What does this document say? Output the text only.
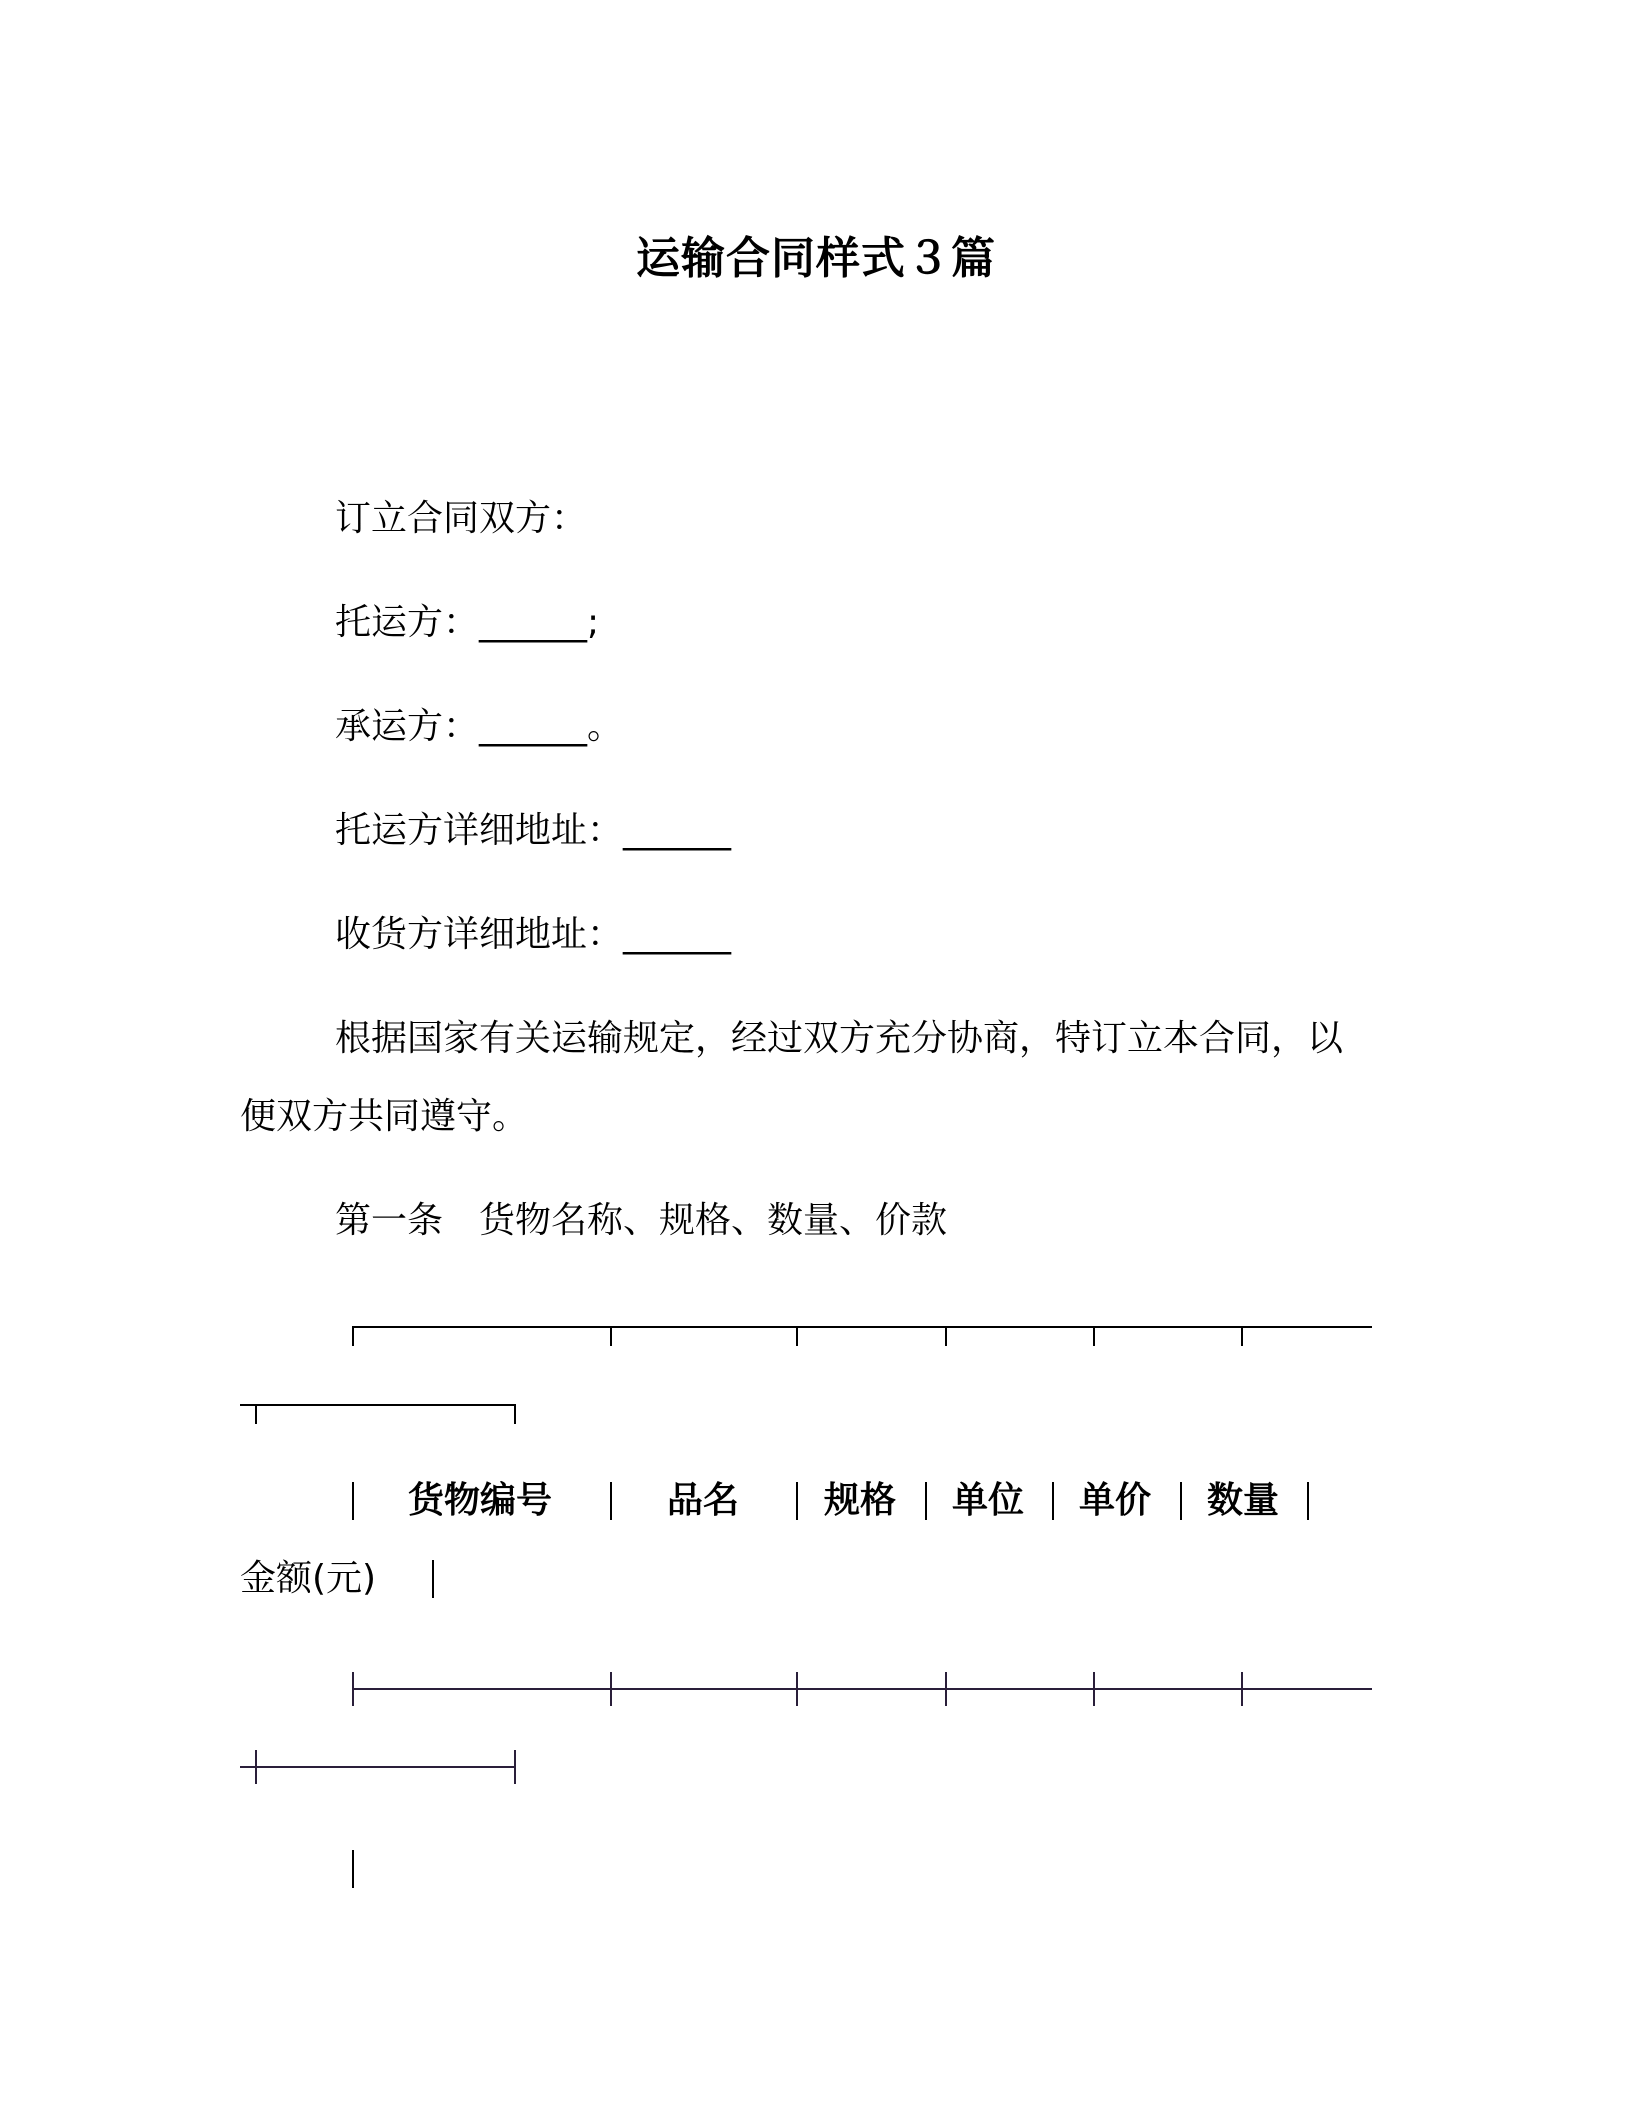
运输合同样式３篇
订立合同双方：
托运方：______;
承运方：______。
托运方详细地址：______
收货方详细地址：______
根据国家有关运输规定，经过双方充分协商，特订立本合同，以
便双方共同遵守。
第一条　货物名称、规格、数量、价款
货物编号	品名 规格 单位 单价 数量
金额(元)
